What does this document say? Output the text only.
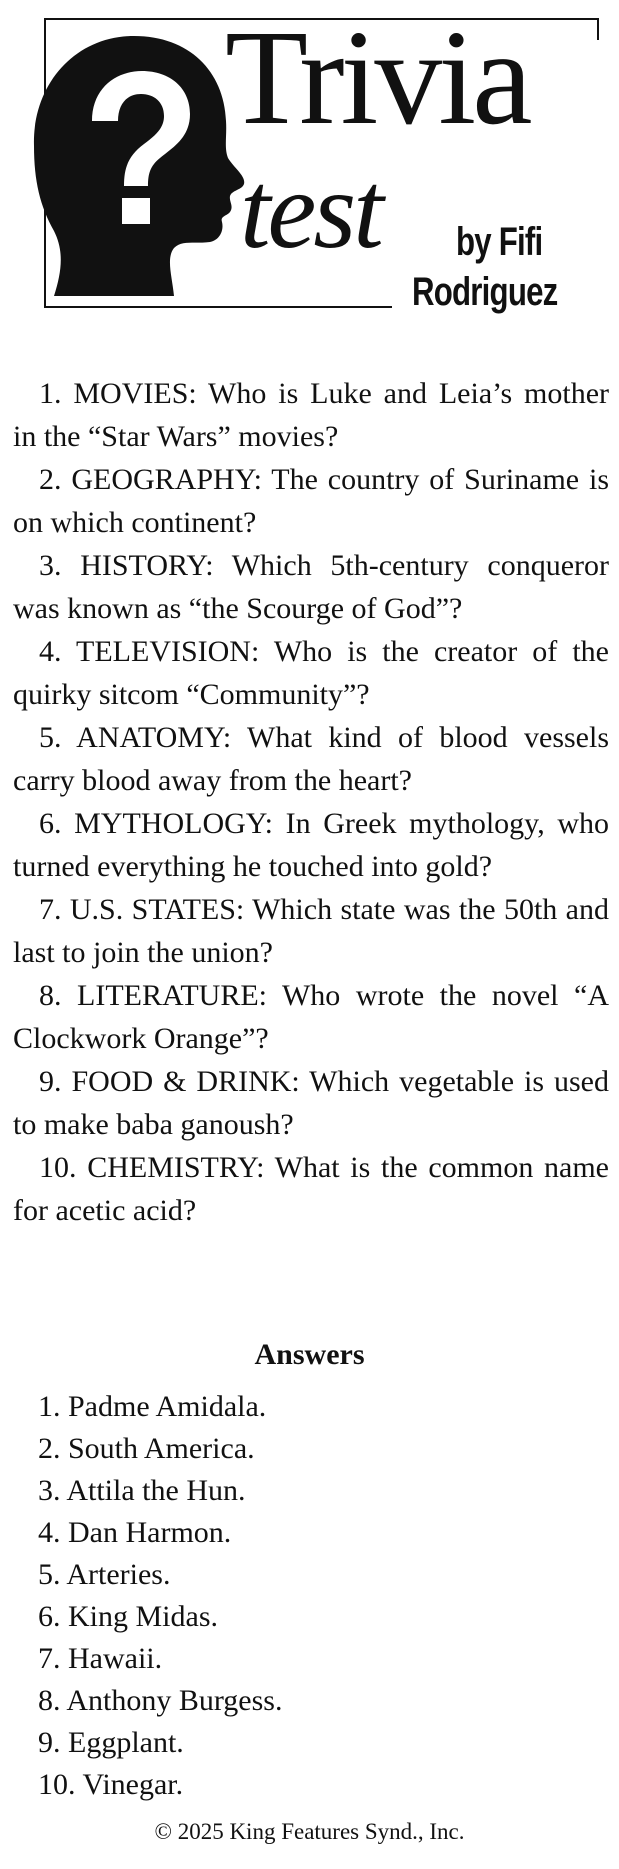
Trivia
test by Fifi
Rodriguez

1. MOVIES: Who is Luke and Leia’s mother in the “Star Wars” movies?

2. GEOGRAPHY: The country of Suriname is on which continent?

3. HISTORY: Which 5th-century conqueror was known as “the Scourge of God”?

4. TELEVISION: Who is the creator of the quirky sitcom “Community”?

5. ANATOMY: What kind of blood vessels carry blood away from the heart?

6. MYTHOLOGY: In Greek mythology, who turned everything he touched into gold?

7. U.S. STATES: Which state was the 50th and last to join the union?

8. LITERATURE: Who wrote the novel “A Clockwork Orange”?

9. FOOD & DRINK: Which vegetable is used to make baba ganoush?

10. CHEMISTRY: What is the common name for acetic acid?

Answers
1. Padme Amidala.
2. South America.
3. Attila the Hun.
4. Dan Harmon.
5. Arteries.
6. King Midas.
7. Hawaii.
8. Anthony Burgess.
9. Eggplant.
10. Vinegar.
© 2025 King Features Synd., Inc.
